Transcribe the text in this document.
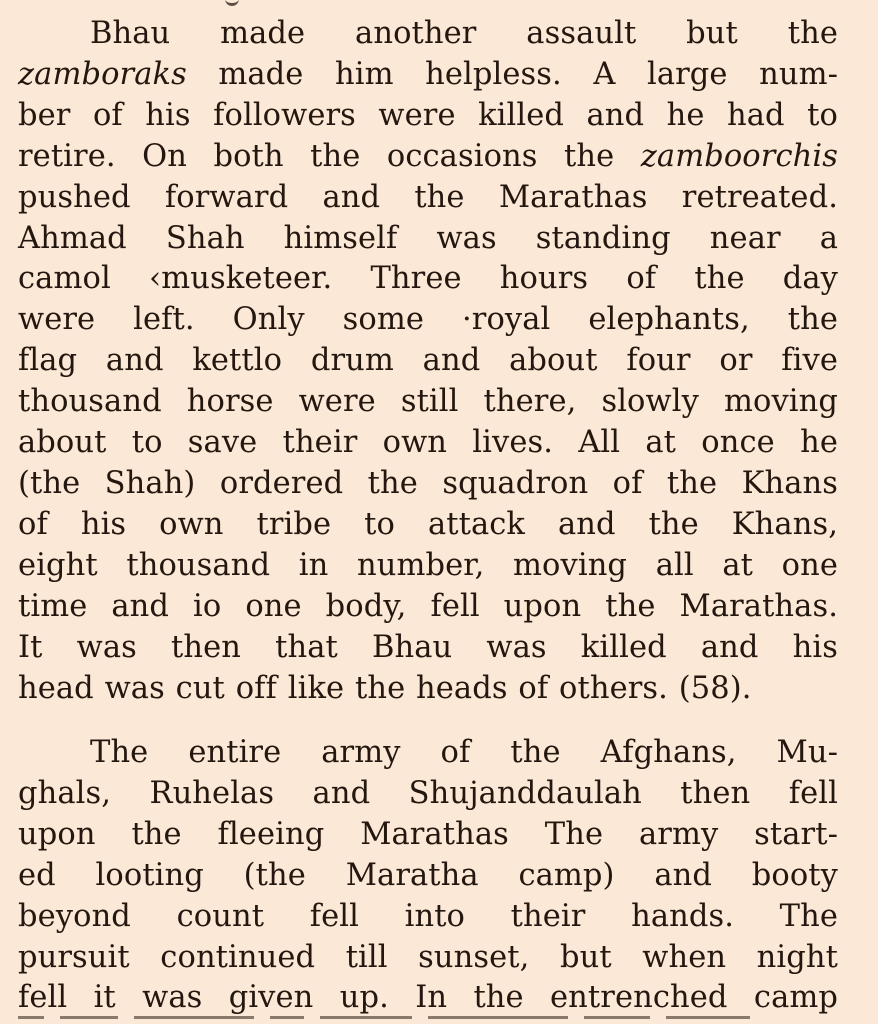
Bhau made another assault but the
zamboraks made him helpless. A large num-
ber of his followers were killed and he had to
retire. On both the occasions the zamboorchis
pushed forward and the Marathas retreated.
Ahmad Shah himself was standing near a
camol ‹musketeer. Three hours of the day
were left. Only some ·royal elephants, the
flag and kettlo drum and about four or five
thousand horse were still there, slowly moving
about to save their own lives. All at once he
(the Shah) ordered the squadron of the Khans
of his own tribe to attack and the Khans,
eight thousand in number, moving all at one
time and io one body, fell upon the Marathas.
It was then that Bhau was killed and his
head was cut off like the heads of others. (58).
The entire army of the Afghans, Mu-
ghals, Ruhelas and Shujanddaulah then fell
upon the fleeing Marathas The army start-
ed looting (the Maratha camp) and booty
beyond count fell into their hands. The
pursuit continued till sunset, but when night
fell it was given up. In the entrenched camp
